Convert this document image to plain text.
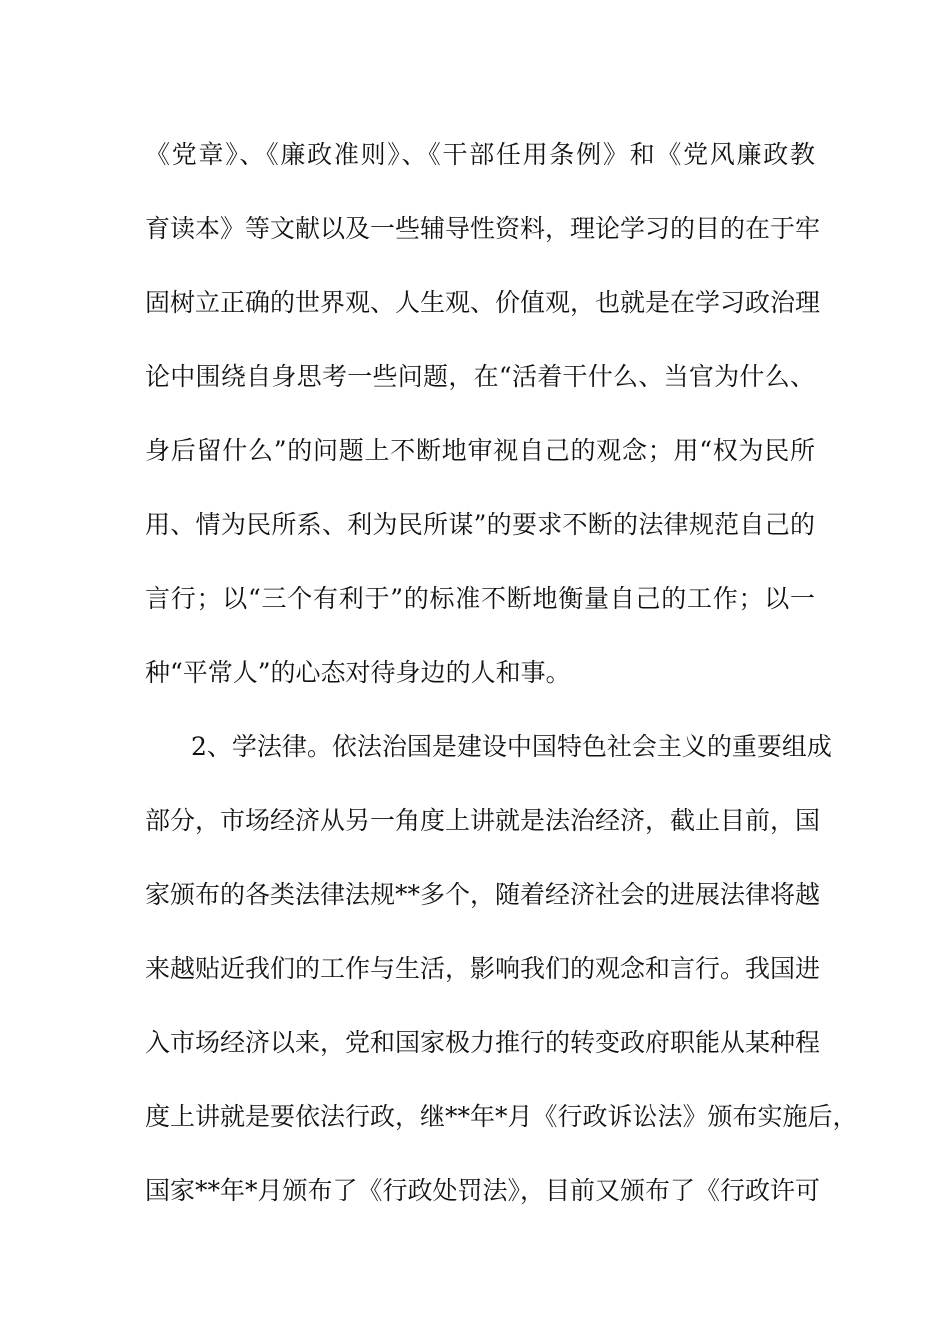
《党章》、《廉政准则》、《干部任用条例》和《党风廉政教
育读本》等文献以及一些辅导性资料，理论学习的目的在于牢
固树立正确的世界观、人生观、价值观，也就是在学习政治理
论中围绕自身思考一些问题，在“活着干什么、当官为什么、
身后留什么”的问题上不断地审视自己的观念；用“权为民所
用、情为民所系、利为民所谋”的要求不断的法律规范自己的
言行；以“三个有利于”的标准不断地衡量自己的工作；以一
种“平常人”的心态对待身边的人和事。
2、学法律。依法治国是建设中国特色社会主义的重要组成
部分，市场经济从另一角度上讲就是法治经济，截止目前，国
家颁布的各类法律法规**多个，随着经济社会的进展法律将越
来越贴近我们的工作与生活，影响我们的观念和言行。我国进
入市场经济以来，党和国家极力推行的转变政府职能从某种程
度上讲就是要依法行政，继**年*月《行政诉讼法》颁布实施后，
国家**年*月颁布了《行政处罚法》，目前又颁布了《行政许可
